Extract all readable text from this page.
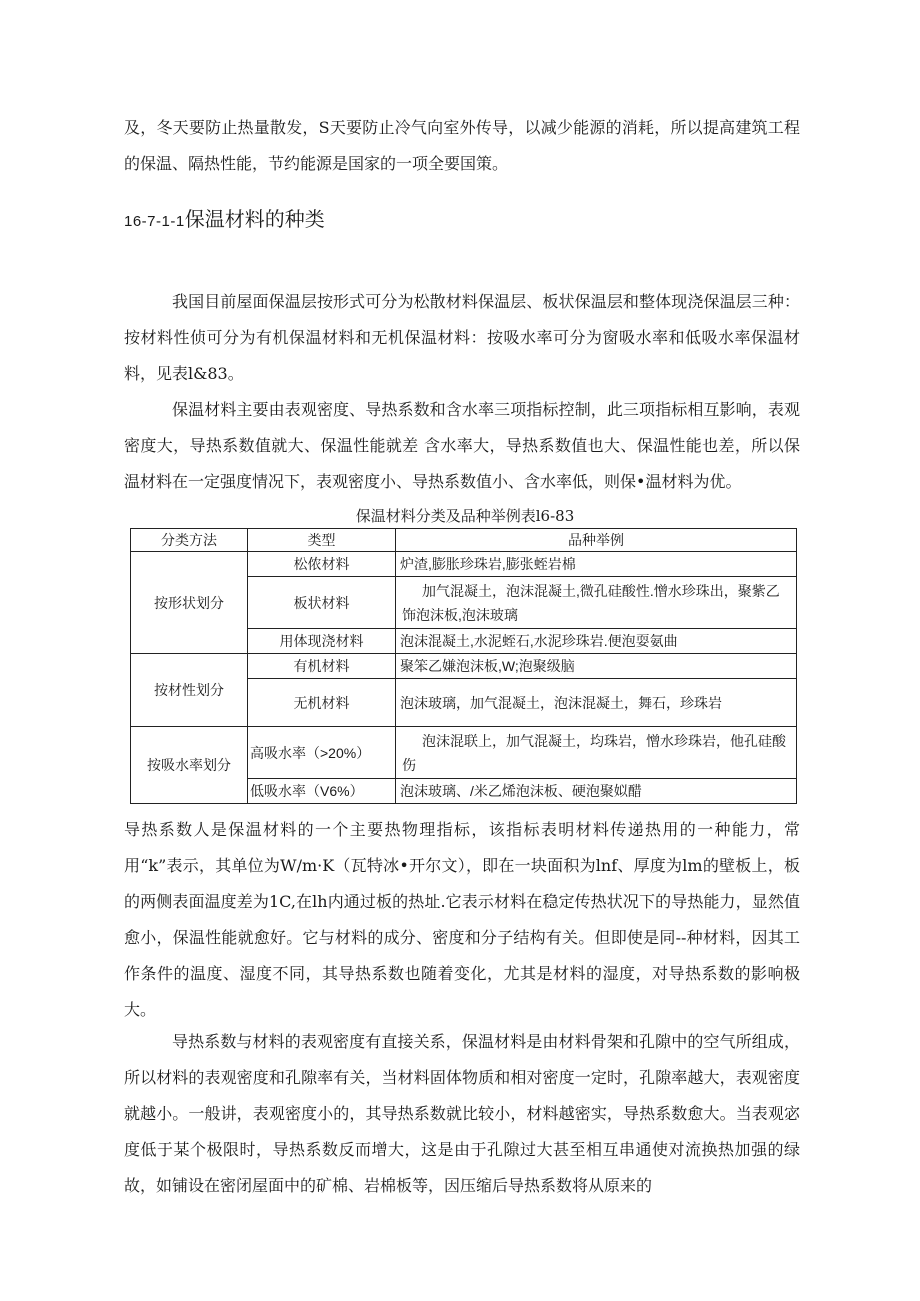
及，冬天要防止热量散发，S天要防止冷气向室外传导，以减少能源的消耗，所以提高建筑工程的保温、隔热性能，节约能源是国家的一项全要国策。

16-7-1-1保温材料的种类

我国目前屋面保温层按形式可分为松散材料保温层、板状保温层和整体现浇保温层三种：按材料性侦可分为有机保温材料和无机保温材料：按吸水率可分为窗吸水率和低吸水率保温材料，见表l&83。

保温材料主要由表观密度、导热系数和含水率三项指标控制，此三项指标相互影响，表观密度大，导热系数值就大、保温性能就差 含水率大，导热系数值也大、保温性能也差，所以保温材料在一定强度情况下，表观密度小、导热系数值小、含水率低，则保•温材料为优。

保温材料分类及品种举例表l6-83
分类方法	类型	品种举例
按形状划分	松侬材料	炉渣,膨胀珍珠岩,膨张蛭岩棉
	板状材料	加气混凝土，泡沫混凝土,微孔硅酸性.憎水珍珠出，聚紫乙饰泡沫板,泡沫玻璃
	用体现浇材料	泡沫混凝土,水泥蛭石,水泥珍珠岩.便泡耍氨曲
按材性划分	有机材料	聚笨乙嫌泡沫板,W;泡聚级脑
	无机材料	泡沫玻璃，加气混凝土，泡沫混凝土，舞石，珍珠岩
按吸水率划分	高吸水率（>20%）	泡沫混联上，加气混凝土，均珠岩，憎水珍珠岩，他孔硅酸伤
	低吸水率（V6%）	泡沫玻璃、/米乙烯泡沫板、硬泡聚姒醋

导热系数人是保温材料的一个主要热物理指标，该指标表明材料传递热用的一种能力，常用“k”表示，其单位为W/m·K（瓦特冰•开尔文），即在一块面积为lnf、厚度为lm的壁板上，板的两侧表面温度差为1C,在lh内通过板的热址.它表示材料在稳定传热状况下的导热能力，显然值愈小，保温性能就愈好。它与材料的成分、密度和分子结构有关。但即使是同--种材料，因其工作条件的温度、湿度不同，其导热系数也随着变化，尤其是材料的湿度，对导热系数的影响极大。

导热系数与材料的表观密度有直接关系，保温材料是由材料骨架和孔隙中的空气所组成，所以材料的表观密度和孔隙率有关，当材料固体物质和相对密度一定时，孔隙率越大，表观密度就越小。一般讲，表观密度小的，其导热系数就比较小，材料越密实，导热系数愈大。当表观宓度低于某个极限时，导热系数反而增大，这是由于孔隙过大甚至相互串通使对流换热加强的绿故，如铺设在密闭屋面中的矿棉、岩棉板等，因压缩后导热系数将从原来的
